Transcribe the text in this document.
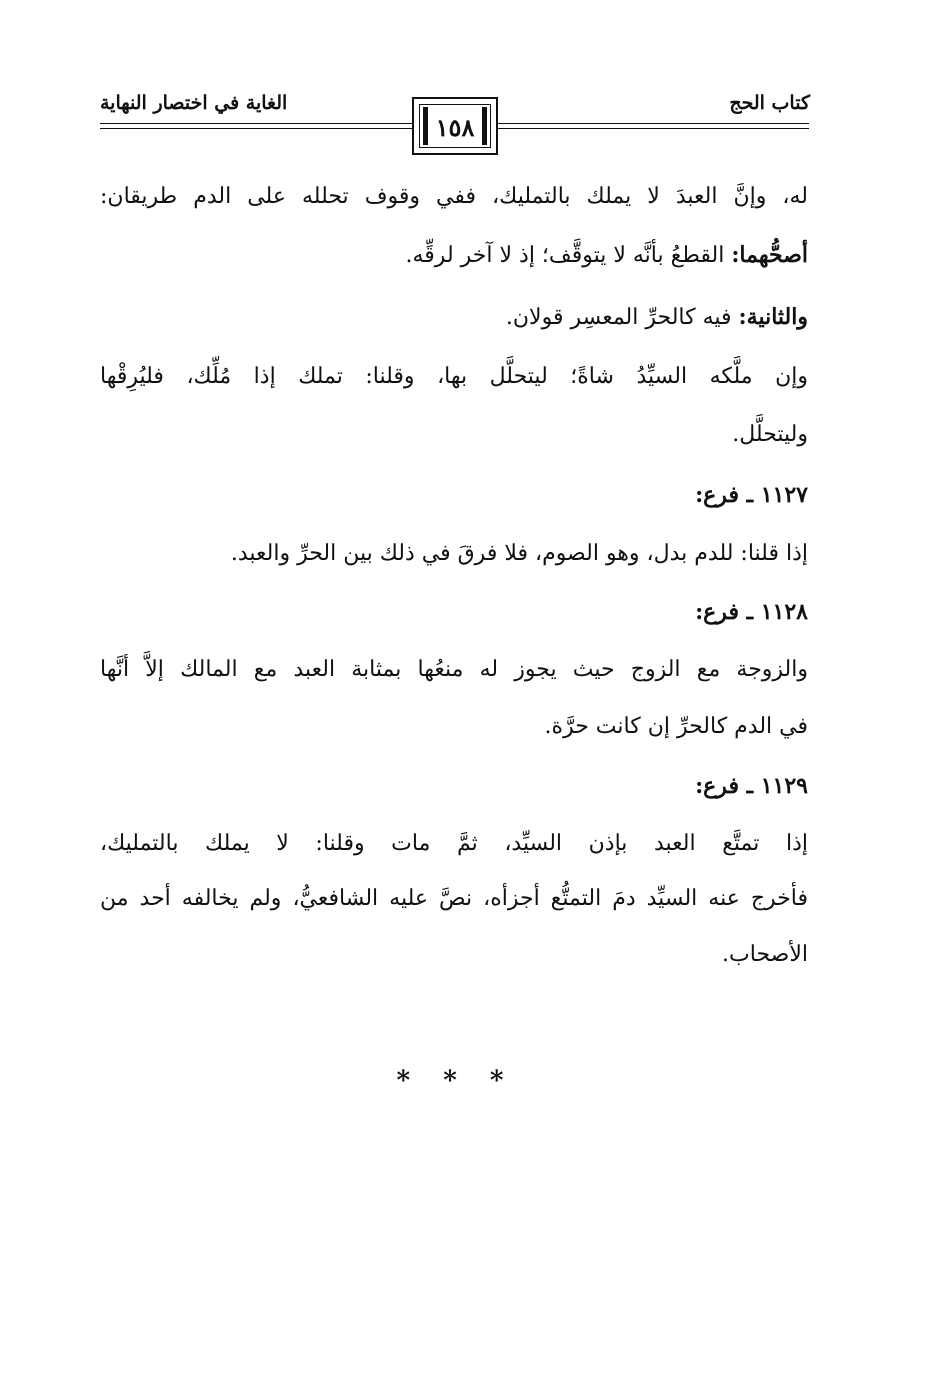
كتاب الحج
الغاية في اختصار النهاية
١٥٨
له، وإنَّ العبدَ لا يملك بالتمليك، ففي وقوف تحلله على الدم طريقان:
أصحُّهما: القطعُ بأنَّه لا يتوقَّف؛ إذ لا آخر لرقِّه.
والثانية: فيه كالحرِّ المعسِر قولان.
وإن ملَّكه السيِّدُ شاةً؛ ليتحلَّل بها، وقلنا: تملك إذا مُلِّك، فليُرِقْها
وليتحلَّل.
١١٢٧ ـ فرع:
إذا قلنا: للدم بدل، وهو الصوم، فلا فرقَ في ذلك بين الحرِّ والعبد.
١١٢٨ ـ فرع:
والزوجة مع الزوج حيث يجوز له منعُها بمثابة العبد مع المالك إلاَّ أنَّها
في الدم كالحرِّ إن كانت حرَّة.
١١٢٩ ـ فرع:
إذا تمتَّع العبد بإذن السيِّد، ثمَّ مات وقلنا: لا يملك بالتمليك،
فأخرج عنه السيِّد دمَ التمتُّع أجزأه، نصَّ عليه الشافعيُّ، ولم يخالفه أحد من
الأصحاب.
* * *
